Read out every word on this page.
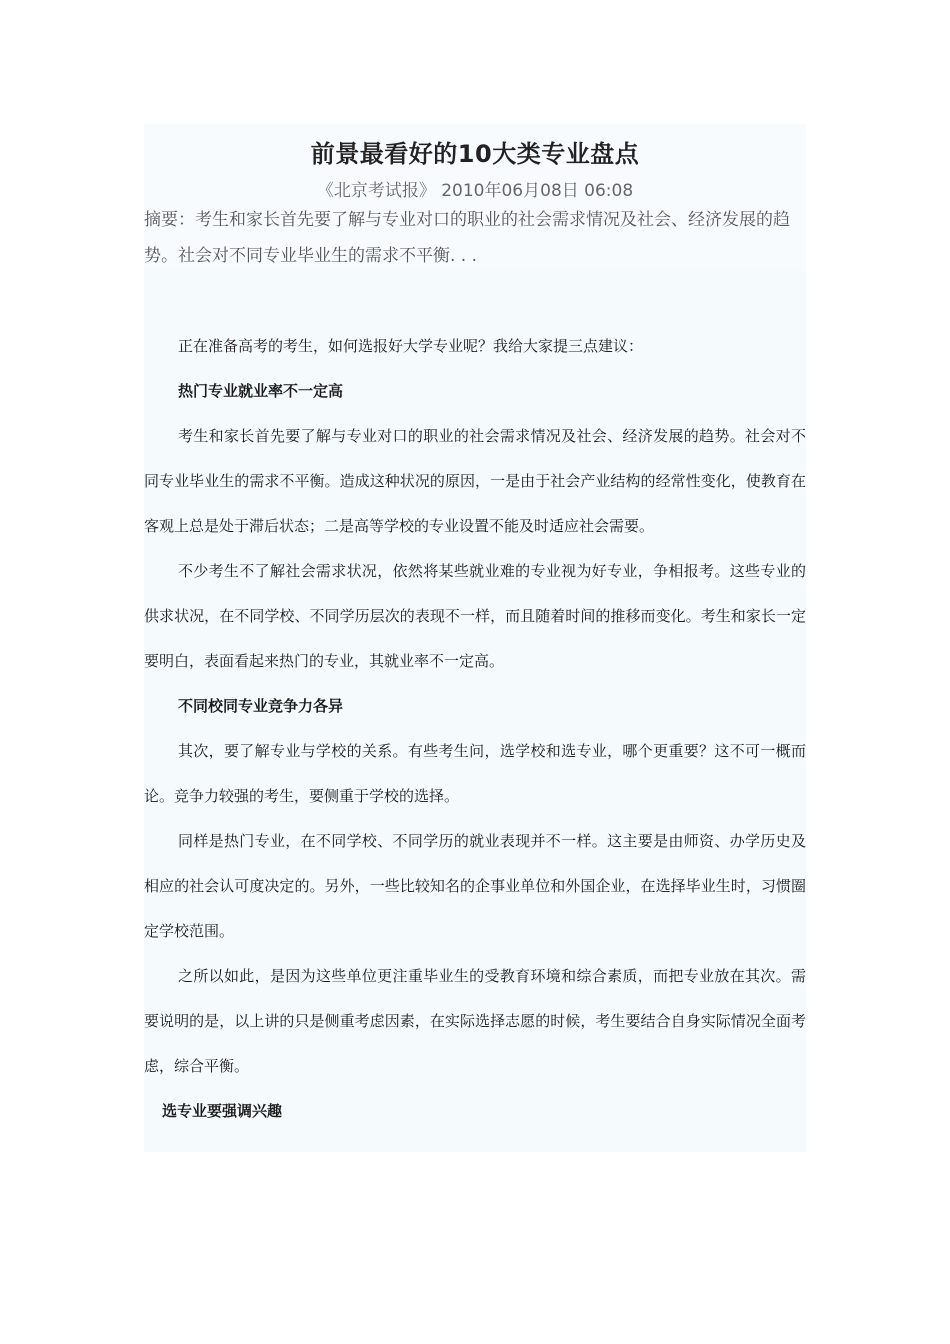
前景最看好的10大类专业盘点
《北京考试报》 2010年06月08日 06:08
摘要：考生和家长首先要了解与专业对口的职业的社会需求情况及社会、经济发展的趋势。社会对不同专业毕业生的需求不平衡. . .

正在准备高考的考生，如何选报好大学专业呢？我给大家提三点建议：

热门专业就业率不一定高

考生和家长首先要了解与专业对口的职业的社会需求情况及社会、经济发展的趋势。社会对不同专业毕业生的需求不平衡。造成这种状况的原因，一是由于社会产业结构的经常性变化，使教育在客观上总是处于滞后状态；二是高等学校的专业设置不能及时适应社会需要。

不少考生不了解社会需求状况，依然将某些就业难的专业视为好专业，争相报考。这些专业的供求状况，在不同学校、不同学历层次的表现不一样，而且随着时间的推移而变化。考生和家长一定要明白，表面看起来热门的专业，其就业率不一定高。

不同校同专业竞争力各异

其次，要了解专业与学校的关系。有些考生问，选学校和选专业，哪个更重要？这不可一概而论。竞争力较强的考生，要侧重于学校的选择。

同样是热门专业，在不同学校、不同学历的就业表现并不一样。这主要是由师资、办学历史及相应的社会认可度决定的。另外，一些比较知名的企事业单位和外国企业，在选择毕业生时，习惯圈定学校范围。

之所以如此，是因为这些单位更注重毕业生的受教育环境和综合素质，而把专业放在其次。需要说明的是，以上讲的只是侧重考虑因素，在实际选择志愿的时候，考生要结合自身实际情况全面考虑，综合平衡。

选专业要强调兴趣
